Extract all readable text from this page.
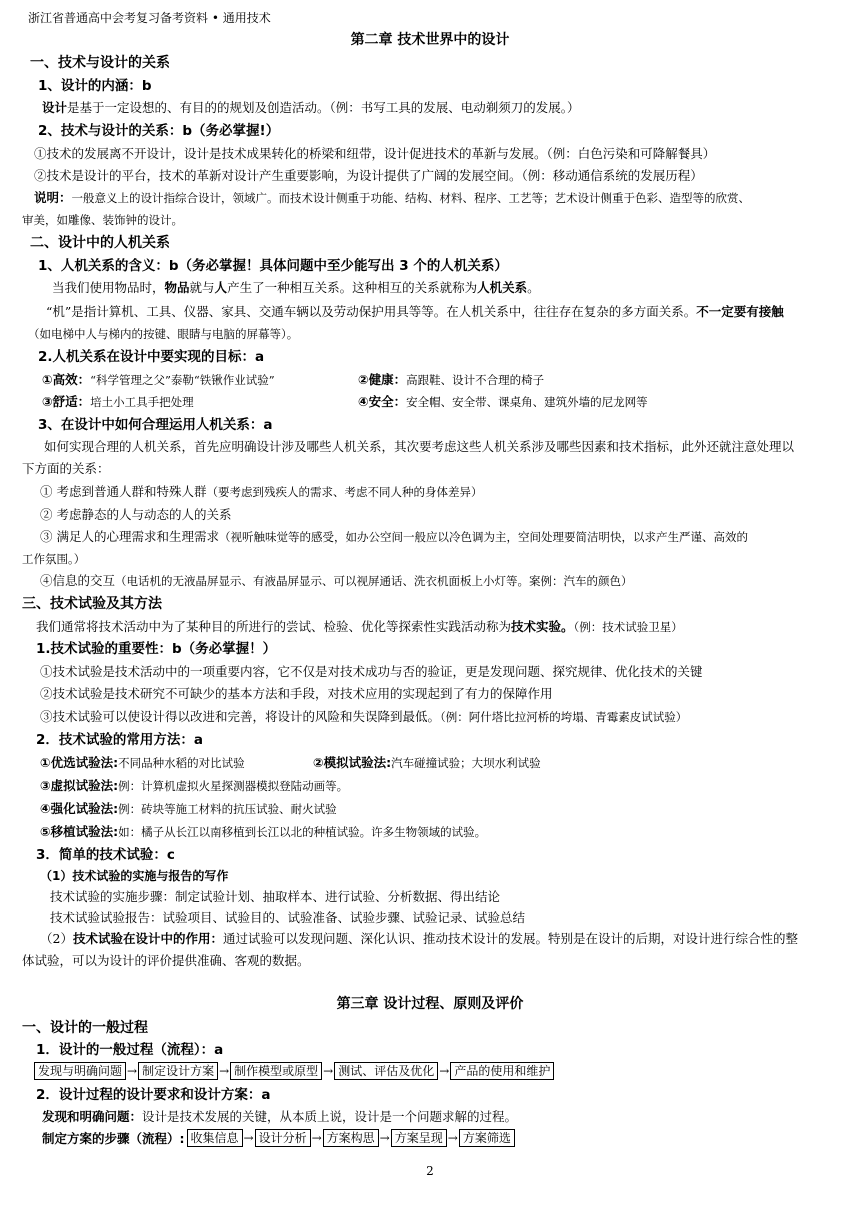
浙江省普通高中会考复习备考资料 • 通用技术
第二章 技术世界中的设计
一、技术与设计的关系
1、设计的内涵：b
设计是基于一定设想的、有目的的规划及创造活动。（例：书写工具的发展、电动剃须刀的发展。）
2、技术与设计的关系：b（务必掌握!）
①技术的发展离不开设计，设计是技术成果转化的桥梁和纽带，设计促进技术的革新与发展。（例：白色污染和可降解餐具）
②技术是设计的平台，技术的革新对设计产生重要影响，为设计提供了广阔的发展空间。（例：移动通信系统的发展历程）
说明：一般意义上的设计指综合设计，领域广。而技术设计侧重于功能、结构、材料、程序、工艺等；艺术设计侧重于色彩、造型等的欣赏、
审美，如雕像、装饰钟的设计。
二、设计中的人机关系
1、人机关系的含义：b（务必掌握！具体问题中至少能写出 3 个的人机关系）
当我们使用物品时，物品就与人产生了一种相互关系。这种相互的关系就称为人机关系。
“机”是指计算机、工具、仪器、家具、交通车辆以及劳动保护用具等等。在人机关系中，往往存在复杂的多方面关系。不一定要有接触
（如电梯中人与梯内的按键、眼睛与电脑的屏幕等）。
2.人机关系在设计中要实现的目标：a
①高效：“科学管理之父”泰勒“铁锹作业试验”	②健康：高跟鞋、设计不合理的椅子
③舒适：培土小工具手把处理	④安全：安全帽、安全带、课桌角、建筑外墙的尼龙网等
3、在设计中如何合理运用人机关系：a
如何实现合理的人机关系，首先应明确设计涉及哪些人机关系，其次要考虑这些人机关系涉及哪些因素和技术指标，此外还就注意处理以
下方面的关系：
① 考虑到普通人群和特殊人群（要考虑到残疾人的需求、考虑不同人种的身体差异）
② 考虑静态的人与动态的人的关系
③ 满足人的心理需求和生理需求（视听触味觉等的感受，如办公空间一般应以冷色调为主，空间处理要简洁明快，以求产生严谨、高效的
工作氛围。）
④信息的交互（电话机的无液晶屏显示、有液晶屏显示、可以视屏通话、洗衣机面板上小灯等。案例：汽车的颜色）
三、技术试验及其方法
我们通常将技术活动中为了某种目的所进行的尝试、检验、优化等探索性实践活动称为技术实验。（例：技术试验卫星）
1.技术试验的重要性：b（务必掌握！）
①技术试验是技术活动中的一项重要内容，它不仅是对技术成功与否的验证，更是发现问题、探究规律、优化技术的关键
②技术试验是技术研究不可缺少的基本方法和手段，对技术应用的实现起到了有力的保障作用
③技术试验可以使设计得以改进和完善，将设计的风险和失误降到最低。（例：阿什塔比拉河桥的垮塌、青霉素皮试试验）
2．技术试验的常用方法：a
①优选试验法:不同品种水稻的对比试验	②模拟试验法:汽车碰撞试验；大坝水利试验
③虚拟试验法:例：计算机虚拟火星探测器模拟登陆动画等。
④强化试验法:例：砖块等施工材料的抗压试验、耐火试验
⑤移植试验法:如：橘子从长江以南移植到长江以北的种植试验。许多生物领域的试验。
3．简单的技术试验：c
（1）技术试验的实施与报告的写作
技术试验的实施步骤：制定试验计划、抽取样本、进行试验、分析数据、得出结论
技术试验试验报告：试验项目、试验目的、试验准备、试验步骤、试验记录、试验总结
（2）技术试验在设计中的作用：通过试验可以发现问题、深化认识、推动技术设计的发展。特别是在设计的后期，对设计进行综合性的整
体试验，可以为设计的评价提供准确、客观的数据。
第三章 设计过程、原则及评价
一、设计的一般过程
1．设计的一般过程（流程）：a
发现与明确问题 → 制定设计方案 → 制作模型或原型 → 测试、评估及优化 → 产品的使用和维护
2．设计过程的设计要求和设计方案：a
发现和明确问题：设计是技术发展的关键，从本质上说，设计是一个问题求解的过程。
制定方案的步骤（流程）: 收集信息 → 设计分析 → 方案构思 → 方案呈现 → 方案筛选
2
